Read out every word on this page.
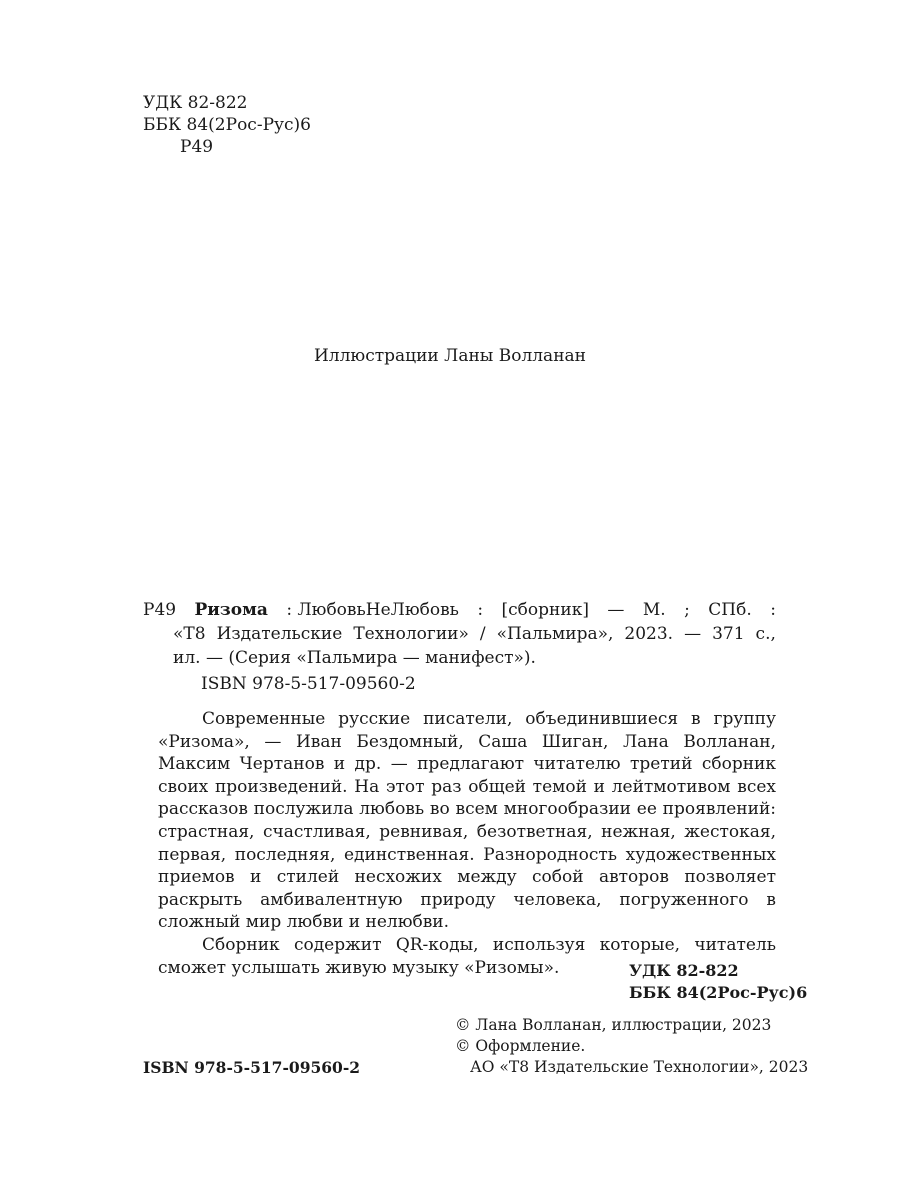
УДК 82-822
ББК 84(2Рос-Рус)6
Р49
Иллюстрации Ланы Волланан
Р49 Ризома : ЛюбовьНеЛюбовь : [сборник] — М. ; СПб. :
«Т8 Издательские Технологии» / «Пальмира», 2023. — 371 с.,
ил. — (Серия «Пальмира — манифест»).
ISBN 978-5-517-09560-2

Современные русские писатели, объединившиеся в группу «Ризома», — Иван Бездомный, Саша Шиган, Лана Волланан, Максим Чертанов и др. — предлагают читателю третий сборник своих произведений. На этот раз общей темой и лейтмотивом всех рассказов послужила любовь во всем многообразии ее проявлений: страстная, счастливая, ревнивая, безответная, нежная, жестокая, первая, последняя, единственная. Разнородность художественных приемов и стилей несхожих между собой авторов позволяет раскрыть амбивалентную природу человека, погруженного в сложный мир любви и нелюбви.

Сборник содержит QR-коды, используя которые, читатель сможет услышать живую музыку «Ризомы».	УДК 82-822
ББК 84(2Рос-Рус)6
© Лана Волланан, иллюстрации, 2023
© Оформление.
АО «Т8 Издательские Технологии», 2023
ISBN 978-5-517-09560-2
